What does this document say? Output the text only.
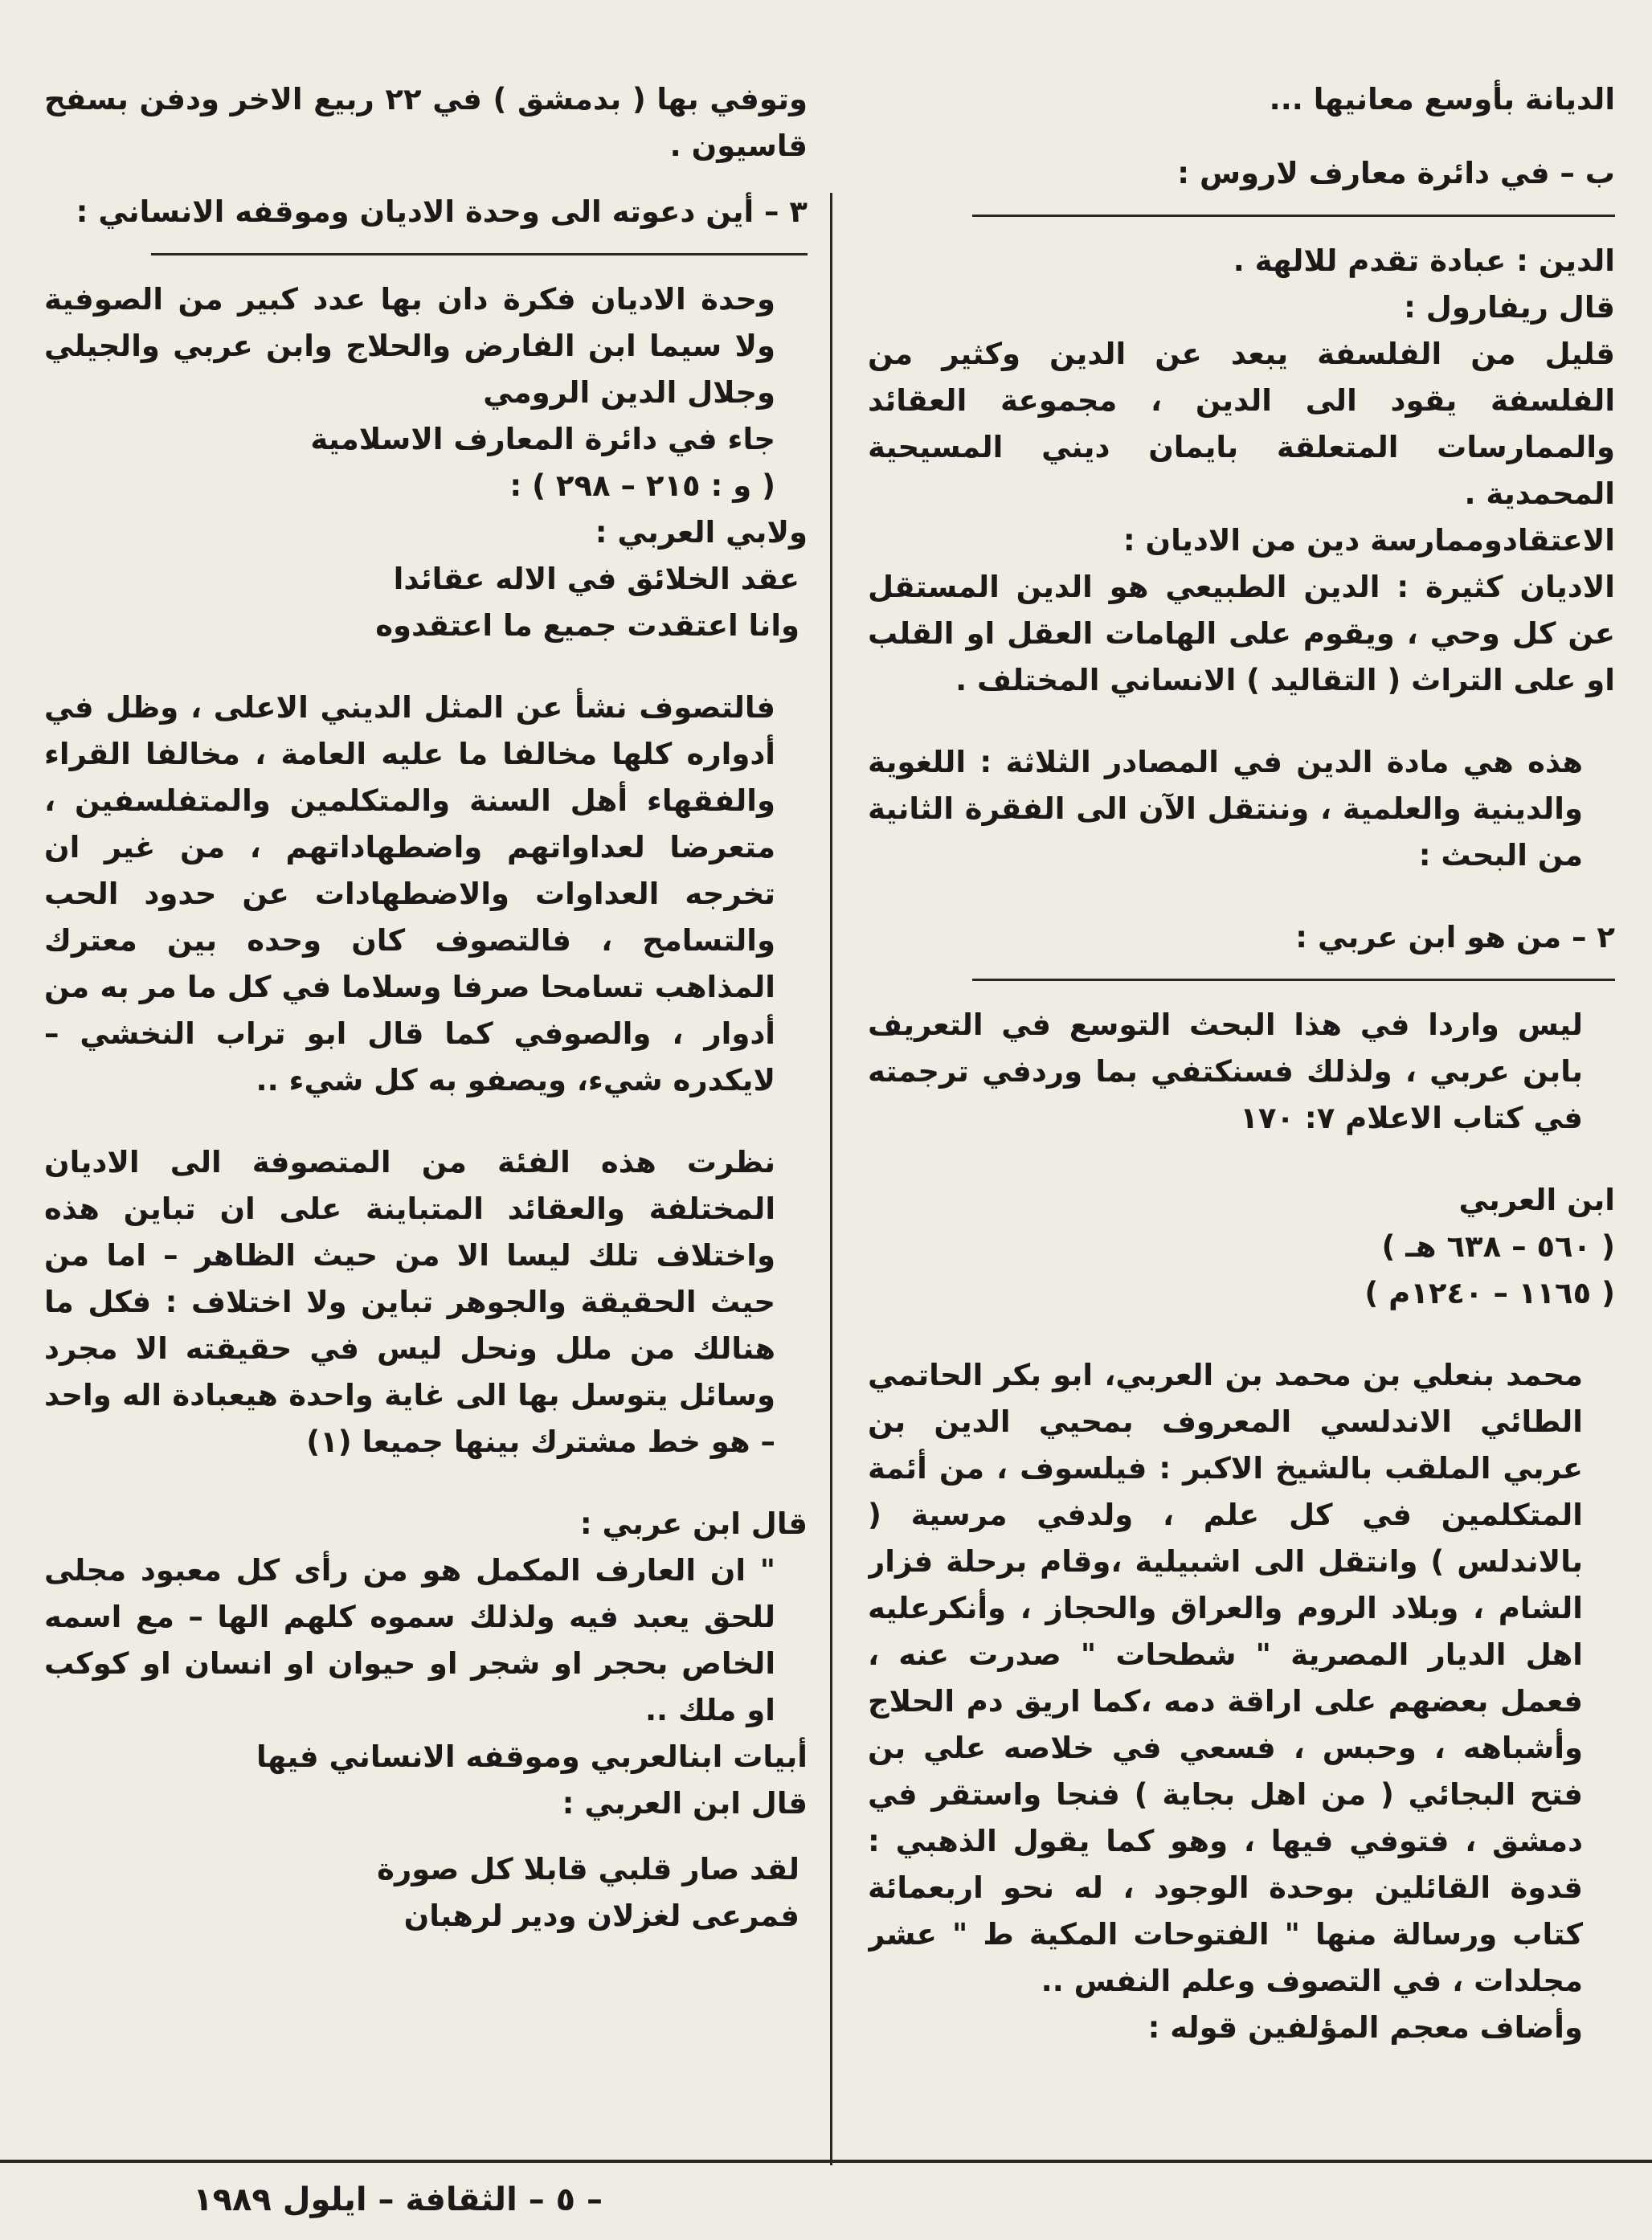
الديانة بأوسع معانيها ...

ب – في دائرة معارف لاروس :

الدين : عبادة تقدم للالهة .

قال ريفارول :

قليل من الفلسفة يبعد عن الدين وكثير من الفلسفة يقود الى الدين ، مجموعة العقائد والممارسات المتعلقة بايمان ديني المسيحية المحمدية .

الاعتقادوممارسة دين من الاديان :

الاديان كثيرة : الدين الطبيعي هو الدين المستقل عن كل وحي ، ويقوم على الهامات العقل او القلب او على التراث ( التقاليد ) الانساني المختلف .

هذه هي مادة الدين في المصادر الثلاثة : اللغوية والدينية والعلمية ، وننتقل الآن الى الفقرة الثانية من البحث :

٢ – من هو ابن عربي :

ليس واردا في هذا البحث التوسع في التعريف بابن عربي ، ولذلك فسنكتفي بما وردفي ترجمته في كتاب الاعلام ٧: ١٧٠

ابن العربي

( ٥٦٠ – ٦٣٨ هـ )

( ١١٦٥ – ١٢٤٠م )

محمد بنعلي بن محمد بن العربي، ابو بكر الحاتمي الطائي الاندلسي المعروف بمحيي الدين بن عربي الملقب بالشيخ الاكبر : فيلسوف ، من أئمة المتكلمين في كل علم ، ولدفي مرسية ( بالاندلس ) وانتقل الى اشبيلية ،وقام برحلة فزار الشام ، وبلاد الروم والعراق والحجاز ، وأنكرعليه اهل الديار المصرية " شطحات " صدرت عنه ، فعمل بعضهم على اراقة دمه ،كما اريق دم الحلاج وأشباهه ، وحبس ، فسعي في خلاصه علي بن فتح البجائي ( من اهل بجاية ) فنجا واستقر في دمشق ، فتوفي فيها ، وهو كما يقول الذهبي : قدوة القائلين بوحدة الوجود ، له نحو اربعمائة كتاب ورسالة منها " الفتوحات المكية ط " عشر مجلدات ، في التصوف وعلم النفس ..

وأضاف معجم المؤلفين قوله :

وتوفي بها ( بدمشق ) في ٢٢ ربيع الاخر ودفن بسفح قاسيون .

٣ – أين دعوته الى وحدة الاديان وموقفه الانساني :

وحدة الاديان فكرة دان بها عدد كبير من الصوفية ولا سيما ابن الفارض والحلاج وابن عربي والجيلي وجلال الدين الرومي

جاء في دائرة المعارف الاسلامية

( و : ٢١٥ – ٢٩٨ ) :

ولابي العربي :

عقد الخلائق في الاله عقائدا

وانا اعتقدت جميع ما اعتقدوه

فالتصوف نشأ عن المثل الديني الاعلى ، وظل في أدواره كلها مخالفا ما عليه العامة ، مخالفا القراء والفقهاء أهل السنة والمتكلمين والمتفلسفين ، متعرضا لعداواتهم واضطهاداتهم ، من غير ان تخرجه العداوات والاضطهادات عن حدود الحب والتسامح ، فالتصوف كان وحده بين معترك المذاهب تسامحا صرفا وسلاما في كل ما مر به من أدوار ، والصوفي كما قال ابو تراب النخشي – لايكدره شيء، ويصفو به كل شيء ..

نظرت هذه الفئة من المتصوفة الى الاديان المختلفة والعقائد المتباينة على ان تباين هذه واختلاف تلك ليسا الا من حيث الظاهر – اما من حيث الحقيقة والجوهر تباين ولا اختلاف : فكل ما هنالك من ملل ونحل ليس في حقيقته الا مجرد وسائل يتوسل بها الى غاية واحدة هيعبادة اله واحد – هو خط مشترك بينها جميعا (١)

قال ابن عربي :

" ان العارف المكمل هو من رأى كل معبود مجلى للحق يعبد فيه ولذلك سموه كلهم الها – مع اسمه الخاص بحجر او شجر او حيوان او انسان او كوكب او ملك ..

أبيات ابنالعربي وموقفه الانساني فيها

قال ابن العربي :

لقد صار قلبي قابلا كل صورة

فمرعى لغزلان ودير لرهبان

– ٥ – الثقافة – ايلول ١٩٨٩
